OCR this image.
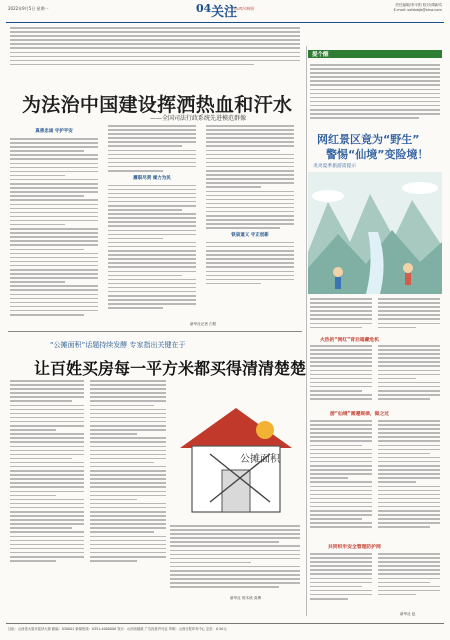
2022年9月5日 星期一	04 关注
山西法制报
责任编辑/李平阳 校对/谭新鸣
E-mail: sxfzbbjb@sina.com
为法治中国建设挥洒热血和汗水
——全国司法行政系统先进模范群像
真善忠诚 守护平安
履职尽责 倾力为民
铁肩道义 守正创新
新华社记者 白阳
“公摊面积”话题持续发酵 专家指出关键在于
让百姓买房每一平方米都买得清清楚楚
公摊面积
新华社 郭木欣 高博
提个醒
网红景区竟为“野生”
警惕“仙境”变险境！
炎炎夏季旅游需提示
火热的“网红”背后暗藏危机
游“仙境”需遵规律，做之过
共同织牢安全管理防护网
新华社 赵
社址：山西省太原市迎泽大街 邮编：030001 新闻热线：0351-4000000 发行：山西省邮政 广告经营许可证 印刷：山西日报印务中心 定价：0.50元
